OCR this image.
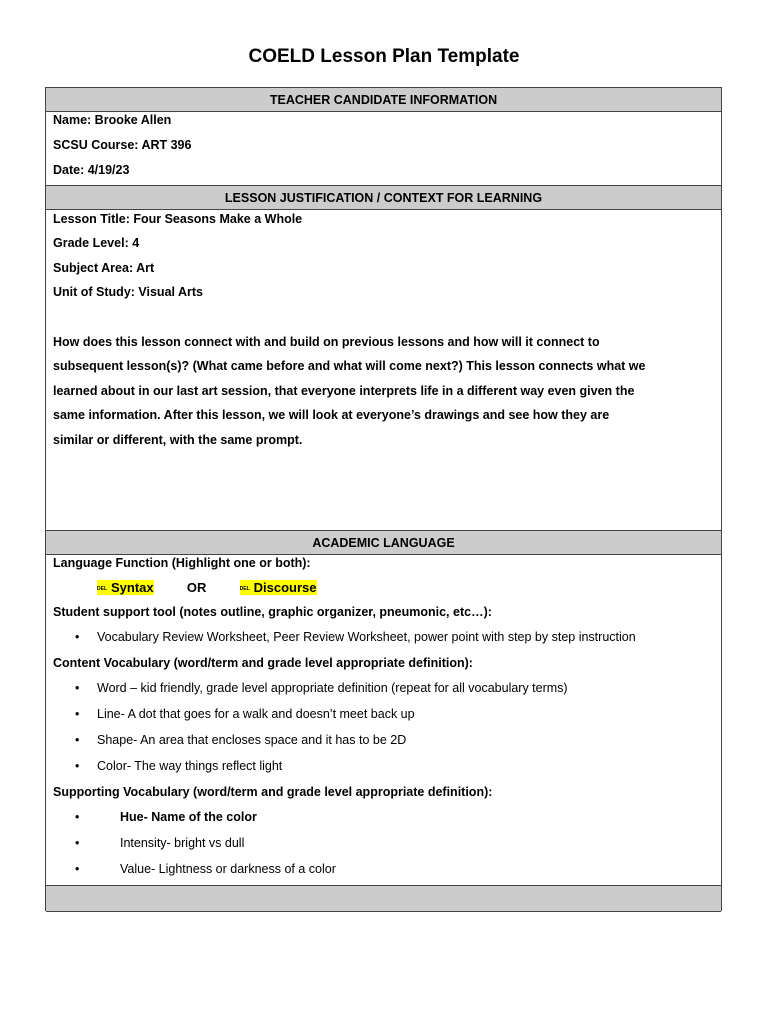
COELD Lesson Plan Template
TEACHER CANDIDATE INFORMATION
Name: Brooke Allen
SCSU Course: ART 396
Date: 4/19/23
LESSON JUSTIFICATION / CONTEXT FOR LEARNING
Lesson Title: Four Seasons Make a Whole
Grade Level: 4
Subject Area: Art
Unit of Study: Visual Arts
How does this lesson connect with and build on previous lessons and how will it connect to
subsequent lesson(s)? (What came before and what will come next?) This lesson connects what we
learned about in our last art session, that everyone interprets life in a different way even given the
same information. After this lesson, we will look at everyone’s drawings and see how they are
similar or different, with the same prompt.
ACADEMIC LANGUAGE
Language Function (Highlight one or both):
DEL Syntax	OR	DEL Discourse
Student support tool (notes outline, graphic organizer, pneumonic, etc…):
• Vocabulary Review Worksheet, Peer Review Worksheet, power point with step by step instruction
Content Vocabulary (word/term and grade level appropriate definition):
• Word – kid friendly, grade level appropriate definition (repeat for all vocabulary terms)
• Line- A dot that goes for a walk and doesn’t meet back up
• Shape- An area that encloses space and it has to be 2D
• Color- The way things reflect light
Supporting Vocabulary (word/term and grade level appropriate definition):
•	Hue- Name of the color
•	Intensity- bright vs dull
•	Value- Lightness or darkness of a color
